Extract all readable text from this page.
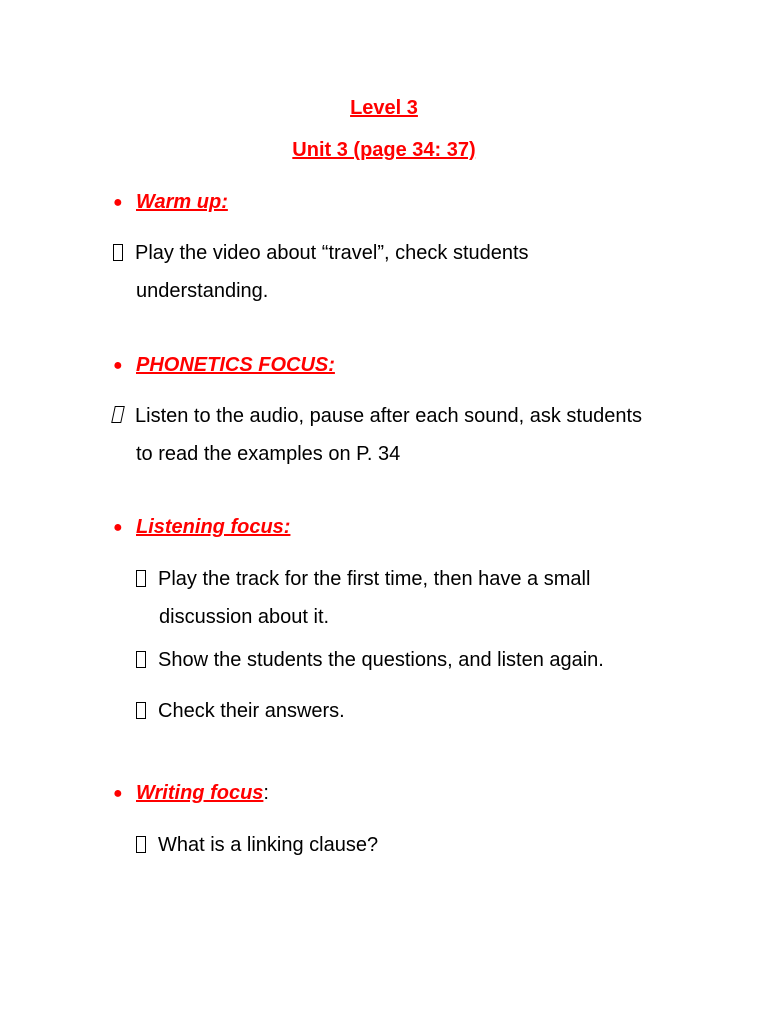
Level 3
Unit 3 (page 34: 37)
● Warm up:
Play the video about “travel”, check students
understanding.
● PHONETICS FOCUS:
Listen to the audio, pause after each sound, ask students
to read the examples on P. 34
● Listening focus:
Play the track for the first time, then have a small
discussion about it.
Show the students the questions, and listen again.
Check their answers.
● Writing focus:
What is a linking clause?
